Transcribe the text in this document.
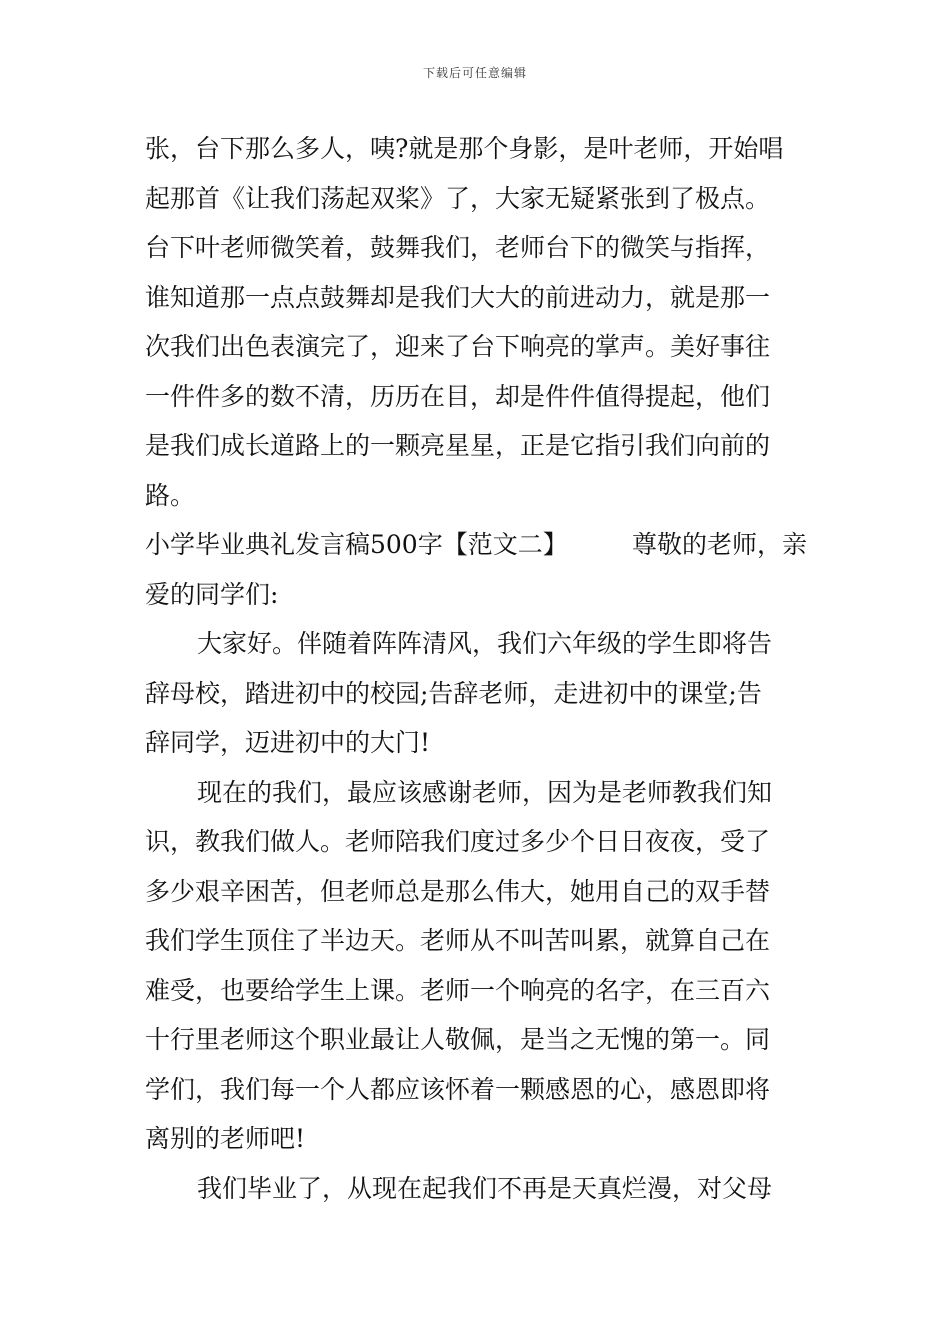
下载后可任意编辑
张，台下那么多人，咦?就是那个身影，是叶老师，开始唱
起那首《让我们荡起双桨》了，大家无疑紧张到了极点。
台下叶老师微笑着，鼓舞我们，老师台下的微笑与指挥，
谁知道那一点点鼓舞却是我们大大的前进动力，就是那一
次我们出色表演完了，迎来了台下响亮的掌声。美好事往
一件件多的数不清，历历在目，却是件件值得提起，他们
是我们成长道路上的一颗亮星星，正是它指引我们向前的
路。
小学毕业典礼发言稿500字【范文二】	尊敬的老师，亲
爱的同学们:
大家好。伴随着阵阵清风，我们六年级的学生即将告
辞母校，踏进初中的校园;告辞老师，走进初中的课堂;告
辞同学，迈进初中的大门!
现在的我们，最应该感谢老师，因为是老师教我们知
识，教我们做人。老师陪我们度过多少个日日夜夜，受了
多少艰辛困苦，但老师总是那么伟大，她用自己的双手替
我们学生顶住了半边天。老师从不叫苦叫累，就算自己在
难受，也要给学生上课。老师一个响亮的名字，在三百六
十行里老师这个职业最让人敬佩，是当之无愧的第一。同
学们，我们每一个人都应该怀着一颗感恩的心，感恩即将
离别的老师吧!
我们毕业了，从现在起我们不再是天真烂漫，对父母
